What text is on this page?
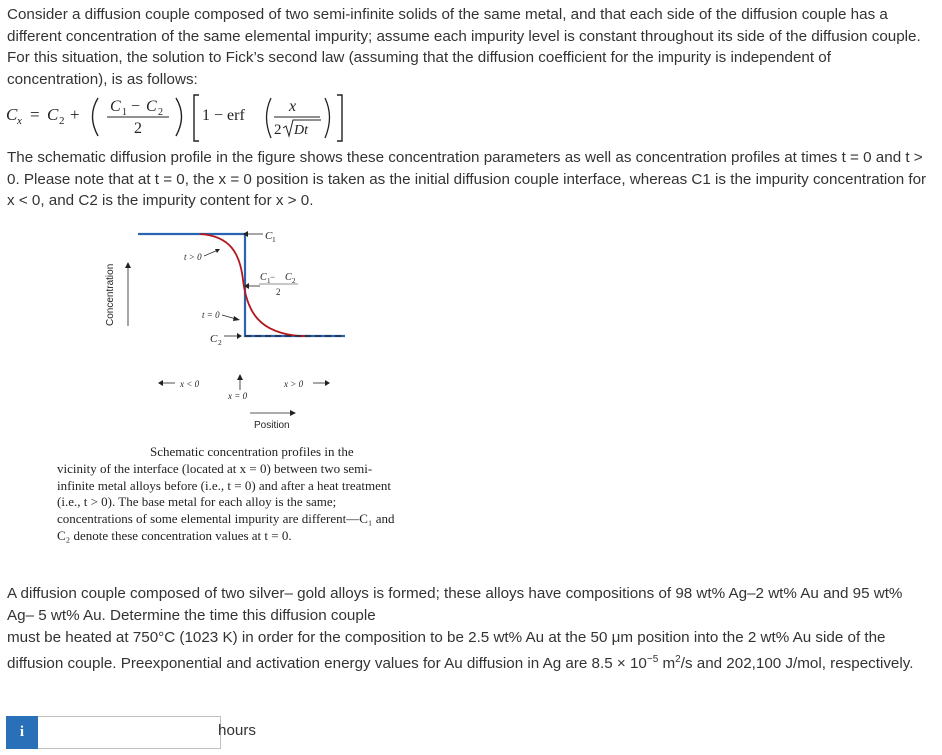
Consider a diffusion couple composed of two semi-infinite solids of the same metal, and that each side of the diffusion couple has a different concentration of the same elemental impurity; assume each impurity level is constant throughout its side of the diffusion couple. For this situation, the solution to Fick’s second law (assuming that the diffusion coefficient for the impurity is independent of concentration), is as follows:
C x = C 2 + C 1 − C 2
2
1 − erf
x
2 Dt
The schematic diffusion profile in the figure shows these concentration parameters as well as concentration profiles at times t = 0 and t > 0. Please note that at t = 0, the x = 0 position is taken as the initial diffusion couple interface, whereas C1 is the impurity concentration for x < 0, and C2 is the impurity content for x > 0.
Concentration
C 1
t > 0
C 1 − C 2
2
t = 0
C 2
x < 0
x = 0
x > 0
Position
Schematic concentration profiles in the
vicinity of the interface (located at x = 0) between two semi-infinite metal alloys before (i.e., t = 0) and after a heat treatment (i.e., t > 0). The base metal for each alloy is the same; concentrations of some elemental impurity are different—C₁ and C₂ denote these concentration values at t = 0.
A diffusion couple composed of two silver– gold alloys is formed; these alloys have compositions of 98 wt% Ag–2 wt% Au and 95 wt% Ag– 5 wt% Au. Determine the time this diffusion couple
must be heated at 750°C (1023 K) in order for the composition to be 2.5 wt% Au at the 50 μm position into the 2 wt% Au side of the diffusion couple. Preexponential and activation energy values for Au diffusion in Ag are $8.5 \times 10^{-5}$ $m^2/s$ and 202,100 J/mol, respectively.
i	hours
